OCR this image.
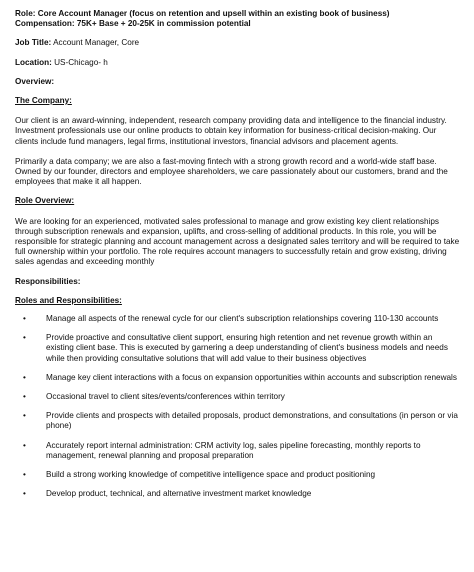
Role: Core Account Manager (focus on retention and upsell within an existing book of business)

Compensation: 75K+ Base + 20-25K in commission potential

Job Title: Account Manager, Core

Location: US-Chicago- h

Overview:

The Company:

Our client is an award-winning, independent, research company providing data and intelligence to the financial industry. Investment professionals use our online products to obtain key information for business-critical decision-making. Our clients include fund managers, legal firms, institutional investors, financial advisors and placement agents.

Primarily a data company; we are also a fast-moving fintech with a strong growth record and a world-wide staff base. Owned by our founder, directors and employee shareholders, we care passionately about our customers, brand and the employees that make it all happen.

Role Overview:

We are looking for an experienced, motivated sales professional to manage and grow existing key client relationships through subscription renewals and expansion, uplifts, and cross-selling of additional products. In this role, you will be responsible for strategic planning and account management across a designated sales territory and will be required to take full ownership within your portfolio. The role requires account managers to successfully retain and grow existing, driving sales agendas and exceeding monthly

Responsibilities:

Roles and Responsibilities:

• Manage all aspects of the renewal cycle for our client's subscription relationships covering 110-130 accounts
• Provide proactive and consultative client support, ensuring high retention and net revenue growth within an existing client base. This is executed by garnering a deep understanding of client's business models and needs while then providing consultative solutions that will add value to their business objectives
• Manage key client interactions with a focus on expansion opportunities within accounts and subscription renewals
• Occasional travel to client sites/events/conferences within territory
• Provide clients and prospects with detailed proposals, product demonstrations, and consultations (in person or via phone)
• Accurately report internal administration: CRM activity log, sales pipeline forecasting, monthly reports to management, renewal planning and proposal preparation
• Build a strong working knowledge of competitive intelligence space and product positioning
• Develop product, technical, and alternative investment market knowledge
